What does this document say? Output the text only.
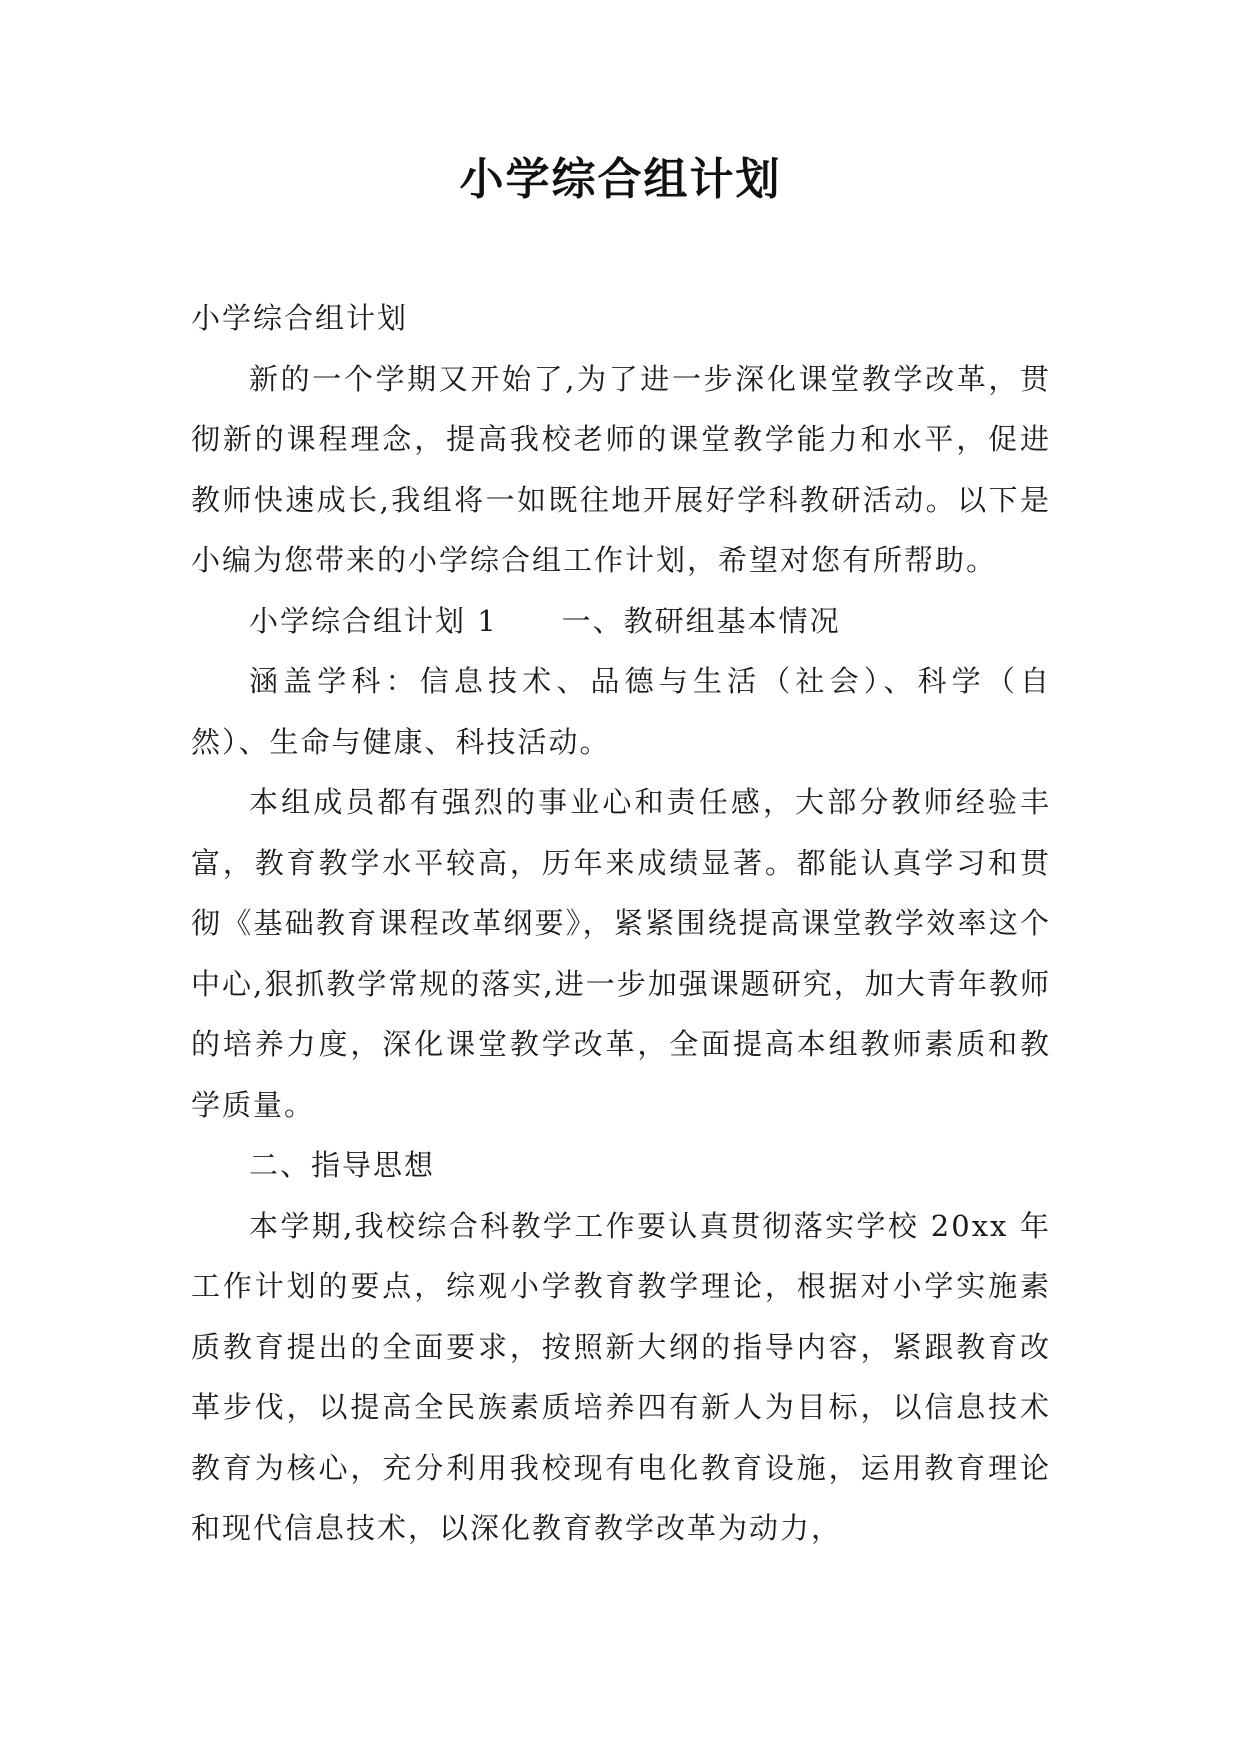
小学综合组计划

小学综合组计划

新的一个学期又开始了,为了进一步深化课堂教学改革，贯彻新的课程理念，提高我校老师的课堂教学能力和水平，促进教师快速成长,我组将一如既往地开展好学科教研活动。以下是小编为您带来的小学综合组工作计划，希望对您有所帮助。

小学综合组计划 1 一、教研组基本情况

涵盖学科：信息技术、品德与生活（社会）、科学（自然）、生命与健康、科技活动。

本组成员都有强烈的事业心和责任感，大部分教师经验丰富，教育教学水平较高，历年来成绩显著。都能认真学习和贯彻《基础教育课程改革纲要》，紧紧围绕提高课堂教学效率这个中心,狠抓教学常规的落实,进一步加强课题研究，加大青年教师的培养力度，深化课堂教学改革，全面提高本组教师素质和教学质量。

二、指导思想

本学期,我校综合科教学工作要认真贯彻落实学校 20xx 年工作计划的要点，综观小学教育教学理论，根据对小学实施素质教育提出的全面要求，按照新大纲的指导内容，紧跟教育改革步伐，以提高全民族素质培养四有新人为目标，以信息技术教育为核心，充分利用我校现有电化教育设施，运用教育理论和现代信息技术，以深化教育教学改革为动力，
